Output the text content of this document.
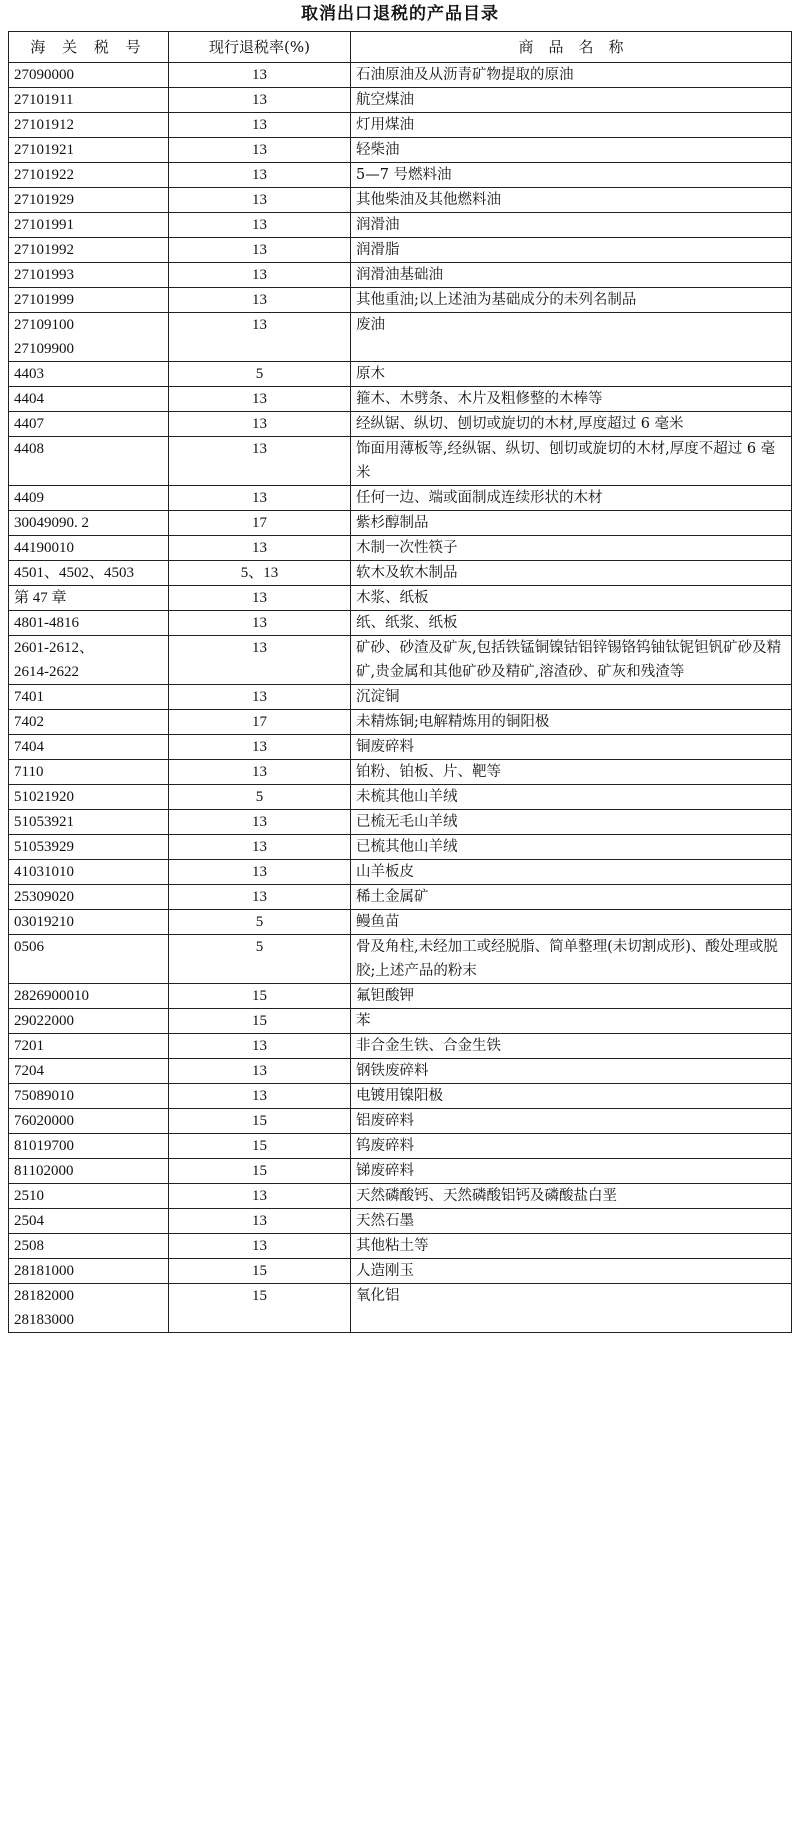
取消出口退税的产品目录
海 关 税 号	现行退税率(%)	商　品　名　称

27090000	13	石油原油及从沥青矿物提取的原油

27101911	13	航空煤油

27101912	13	灯用煤油

27101921	13	轻柴油

27101922	13	5—7 号燃料油

27101929	13	其他柴油及其他燃料油

27101991	13	润滑油

27101992	13	润滑脂

27101993	13	润滑油基础油

27101999	13	其他重油;以上述油为基础成分的未列名制品

27109100
27109900	13	废油

4403	5	原木

4404	13	箍木、木劈条、木片及粗修整的木棒等

4407	13	经纵锯、纵切、刨切或旋切的木材,厚度超过 6 毫米

4408	13	饰面用薄板等,经纵锯、纵切、刨切或旋切的木材,厚度不超过 6 毫米

4409	13	任何一边、端或面制成连续形状的木材

30049090. 2	17	紫杉醇制品

44190010	13	木制一次性筷子

4501、4502、4503	5、13	软木及软木制品

第 47 章	13	木浆、纸板

4801-4816	13	纸、纸浆、纸板

2601-2612、
2614-2622	13	矿砂、砂渣及矿灰,包括铁锰铜镍钴铝锌锡铬钨铀钛铌钽钒矿砂及精矿,贵金属和其他矿砂及精矿,溶渣砂、矿灰和残渣等

7401	13	沉淀铜

7402	17	未精炼铜;电解精炼用的铜阳极

7404	13	铜废碎料

7110	13	铂粉、铂板、片、靶等

51021920	5	未梳其他山羊绒

51053921	13	已梳无毛山羊绒

51053929	13	已梳其他山羊绒

41031010	13	山羊板皮

25309020	13	稀土金属矿

03019210	5	鳗鱼苗

0506	5	骨及角柱,未经加工或经脱脂、简单整理(未切割成形)、酸处理或脱胶;上述产品的粉末

2826900010	15	氟钽酸钾

29022000	15	苯

7201	13	非合金生铁、合金生铁

7204	13	钢铁废碎料

75089010	13	电镀用镍阳极

76020000	15	铝废碎料

81019700	15	钨废碎料

81102000	15	锑废碎料

2510	13	天然磷酸钙、天然磷酸铝钙及磷酸盐白垩

2504	13	天然石墨

2508	13	其他粘土等

28181000	15	人造刚玉

28182000
28183000	15	氧化铝
